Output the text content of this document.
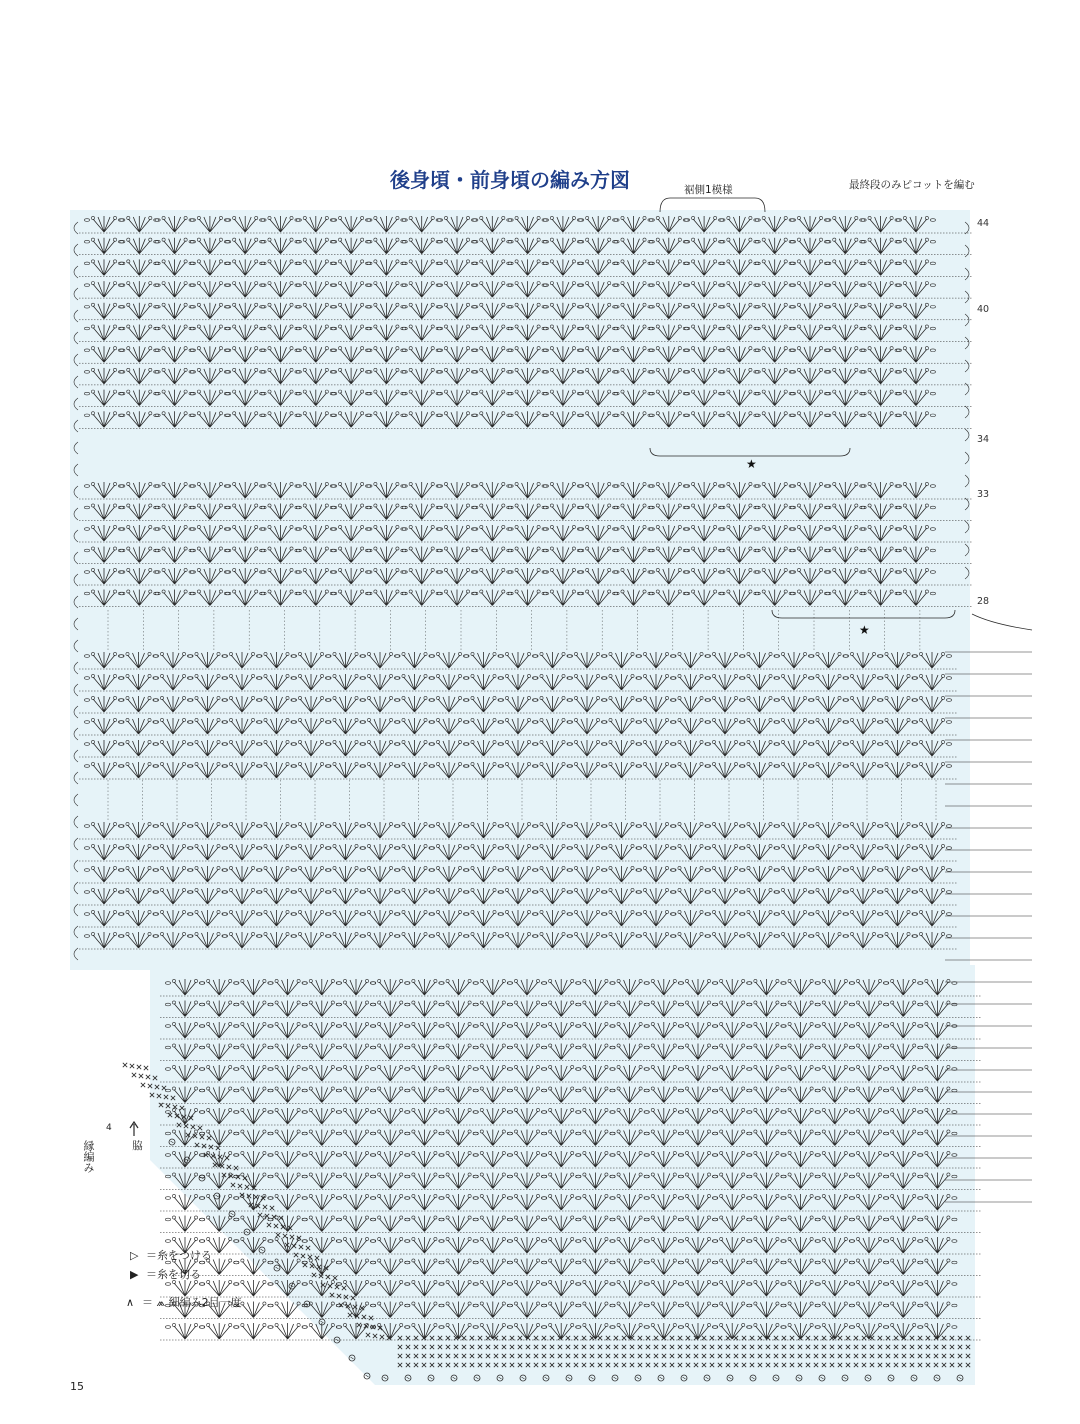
後身頃・前身頃の編み方図	裾側1模様	最終段のみピコットを編む
44
40
34
33
28
★
★
脇
縁編み
4
▷ ＝糸をつける
▶ ＝糸を切る
∧ ＝ ⩕ 細編み2目一度
15
